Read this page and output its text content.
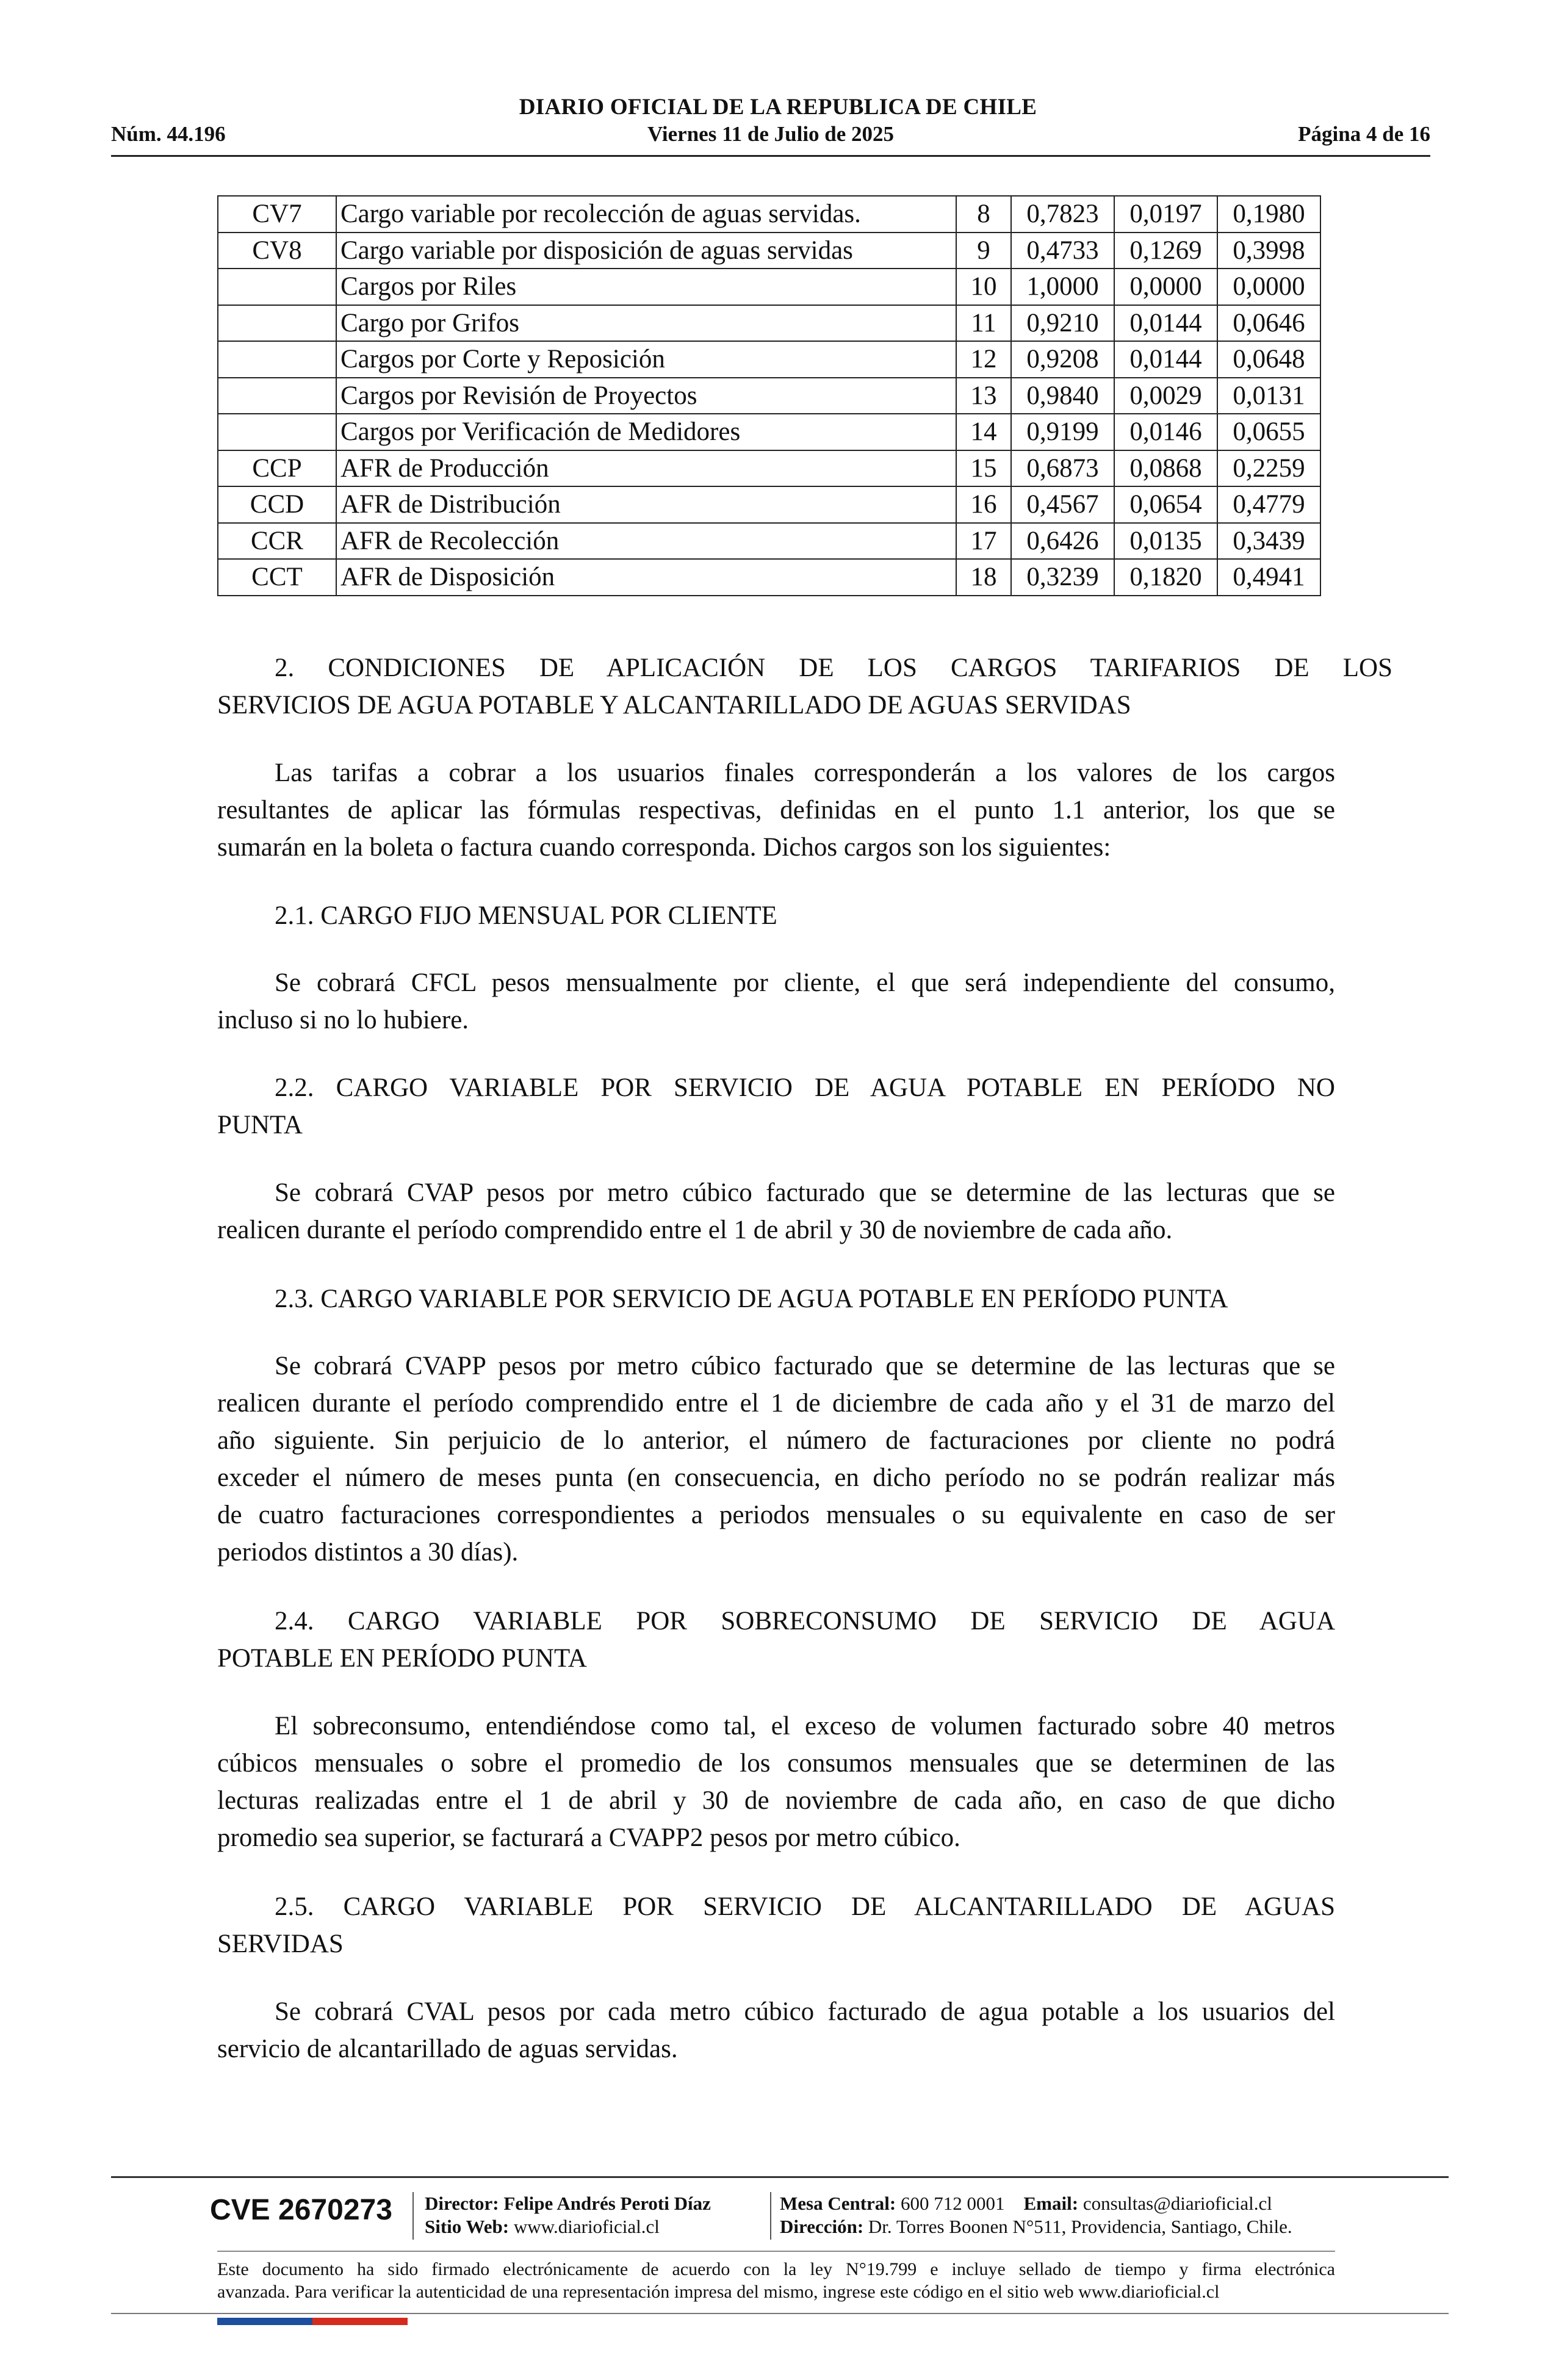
DIARIO OFICIAL DE LA REPUBLICA DE CHILE
Núm. 44.196	Viernes 11 de Julio de 2025	Página 4 de 16
CV7	Cargo variable por recolección de aguas servidas.	8	0,7823	0,0197	0,1980
CV8	Cargo variable por disposición de aguas servidas	9	0,4733	0,1269	0,3998
	Cargos por Riles	10	1,0000	0,0000	0,0000
	Cargo por Grifos	11	0,9210	0,0144	0,0646
	Cargos por Corte y Reposición	12	0,9208	0,0144	0,0648
	Cargos por Revisión de Proyectos	13	0,9840	0,0029	0,0131
	Cargos por Verificación de Medidores	14	0,9199	0,0146	0,0655
CCP	AFR de Producción	15	0,6873	0,0868	0,2259
CCD	AFR de Distribución	16	0,4567	0,0654	0,4779
CCR	AFR de Recolección	17	0,6426	0,0135	0,3439
CCT	AFR de Disposición	18	0,3239	0,1820	0,4941
2. CONDICIONES DE APLICACIÓN DE LOS CARGOS TARIFARIOS DE LOS
SERVICIOS DE AGUA POTABLE Y ALCANTARILLADO DE AGUAS SERVIDAS
Las tarifas a cobrar a los usuarios finales corresponderán a los valores de los cargos
resultantes de aplicar las fórmulas respectivas, definidas en el punto 1.1 anterior, los que se
sumarán en la boleta o factura cuando corresponda. Dichos cargos son los siguientes:
2.1. CARGO FIJO MENSUAL POR CLIENTE
Se cobrará CFCL pesos mensualmente por cliente, el que será independiente del consumo,
incluso si no lo hubiere.
2.2. CARGO VARIABLE POR SERVICIO DE AGUA POTABLE EN PERÍODO NO
PUNTA
Se cobrará CVAP pesos por metro cúbico facturado que se determine de las lecturas que se
realicen durante el período comprendido entre el 1 de abril y 30 de noviembre de cada año.
2.3. CARGO VARIABLE POR SERVICIO DE AGUA POTABLE EN PERÍODO PUNTA
Se cobrará CVAPP pesos por metro cúbico facturado que se determine de las lecturas que se
realicen durante el período comprendido entre el 1 de diciembre de cada año y el 31 de marzo del
año siguiente. Sin perjuicio de lo anterior, el número de facturaciones por cliente no podrá
exceder el número de meses punta (en consecuencia, en dicho período no se podrán realizar más
de cuatro facturaciones correspondientes a periodos mensuales o su equivalente en caso de ser
periodos distintos a 30 días).
2.4. CARGO VARIABLE POR SOBRECONSUMO DE SERVICIO DE AGUA
POTABLE EN PERÍODO PUNTA
El sobreconsumo, entendiéndose como tal, el exceso de volumen facturado sobre 40 metros
cúbicos mensuales o sobre el promedio de los consumos mensuales que se determinen de las
lecturas realizadas entre el 1 de abril y 30 de noviembre de cada año, en caso de que dicho
promedio sea superior, se facturará a CVAPP2 pesos por metro cúbico.
2.5. CARGO VARIABLE POR SERVICIO DE ALCANTARILLADO DE AGUAS
SERVIDAS
Se cobrará CVAL pesos por cada metro cúbico facturado de agua potable a los usuarios del
servicio de alcantarillado de aguas servidas.
CVE 2670273 Director: Felipe Andrés Peroti Díaz
Sitio Web: www.diarioficial.cl
Mesa Central: 600 712 0001 Email: consultas@diarioficial.cl
Dirección: Dr. Torres Boonen N°511, Providencia, Santiago, Chile.
Este documento ha sido firmado electrónicamente de acuerdo con la ley N°19.799 e incluye sellado de tiempo y firma electrónica
avanzada. Para verificar la autenticidad de una representación impresa del mismo, ingrese este código en el sitio web www.diarioficial.cl
